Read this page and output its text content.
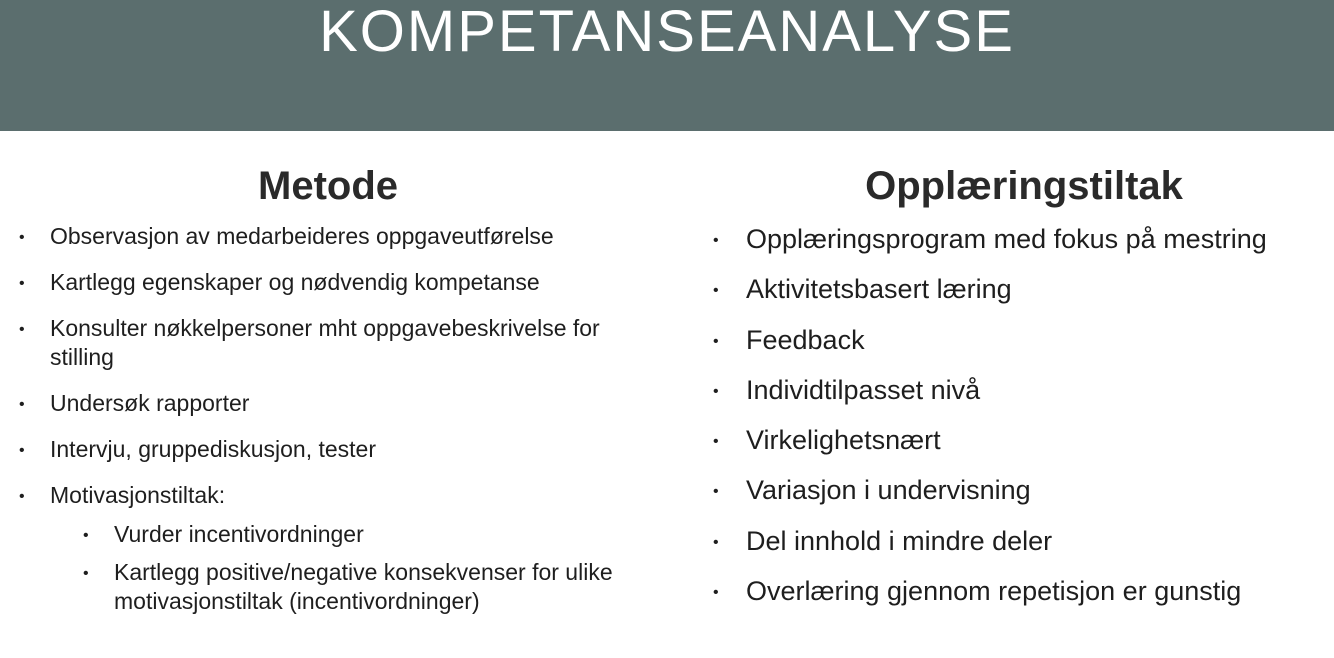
KOMPETANSEANALYSE
Metode	Opplæringstiltak
• Observasjon av medarbeideres oppgaveutførelse
• Kartlegg egenskaper og nødvendig kompetanse
• Konsulter nøkkelpersoner mht oppgavebeskrivelse for stilling
• Undersøk rapporter
• Intervju, gruppediskusjon, tester
• Motivasjonstiltak:
• Vurder incentivordninger
• Kartlegg positive/negative konsekvenser for ulike motivasjonstiltak (incentivordninger)
• Opplæringsprogram med fokus på mestring
• Aktivitetsbasert læring
• Feedback
• Individtilpasset nivå
• Virkelighetsnært
• Variasjon i undervisning
• Del innhold i mindre deler
• Overlæring gjennom repetisjon er gunstig
